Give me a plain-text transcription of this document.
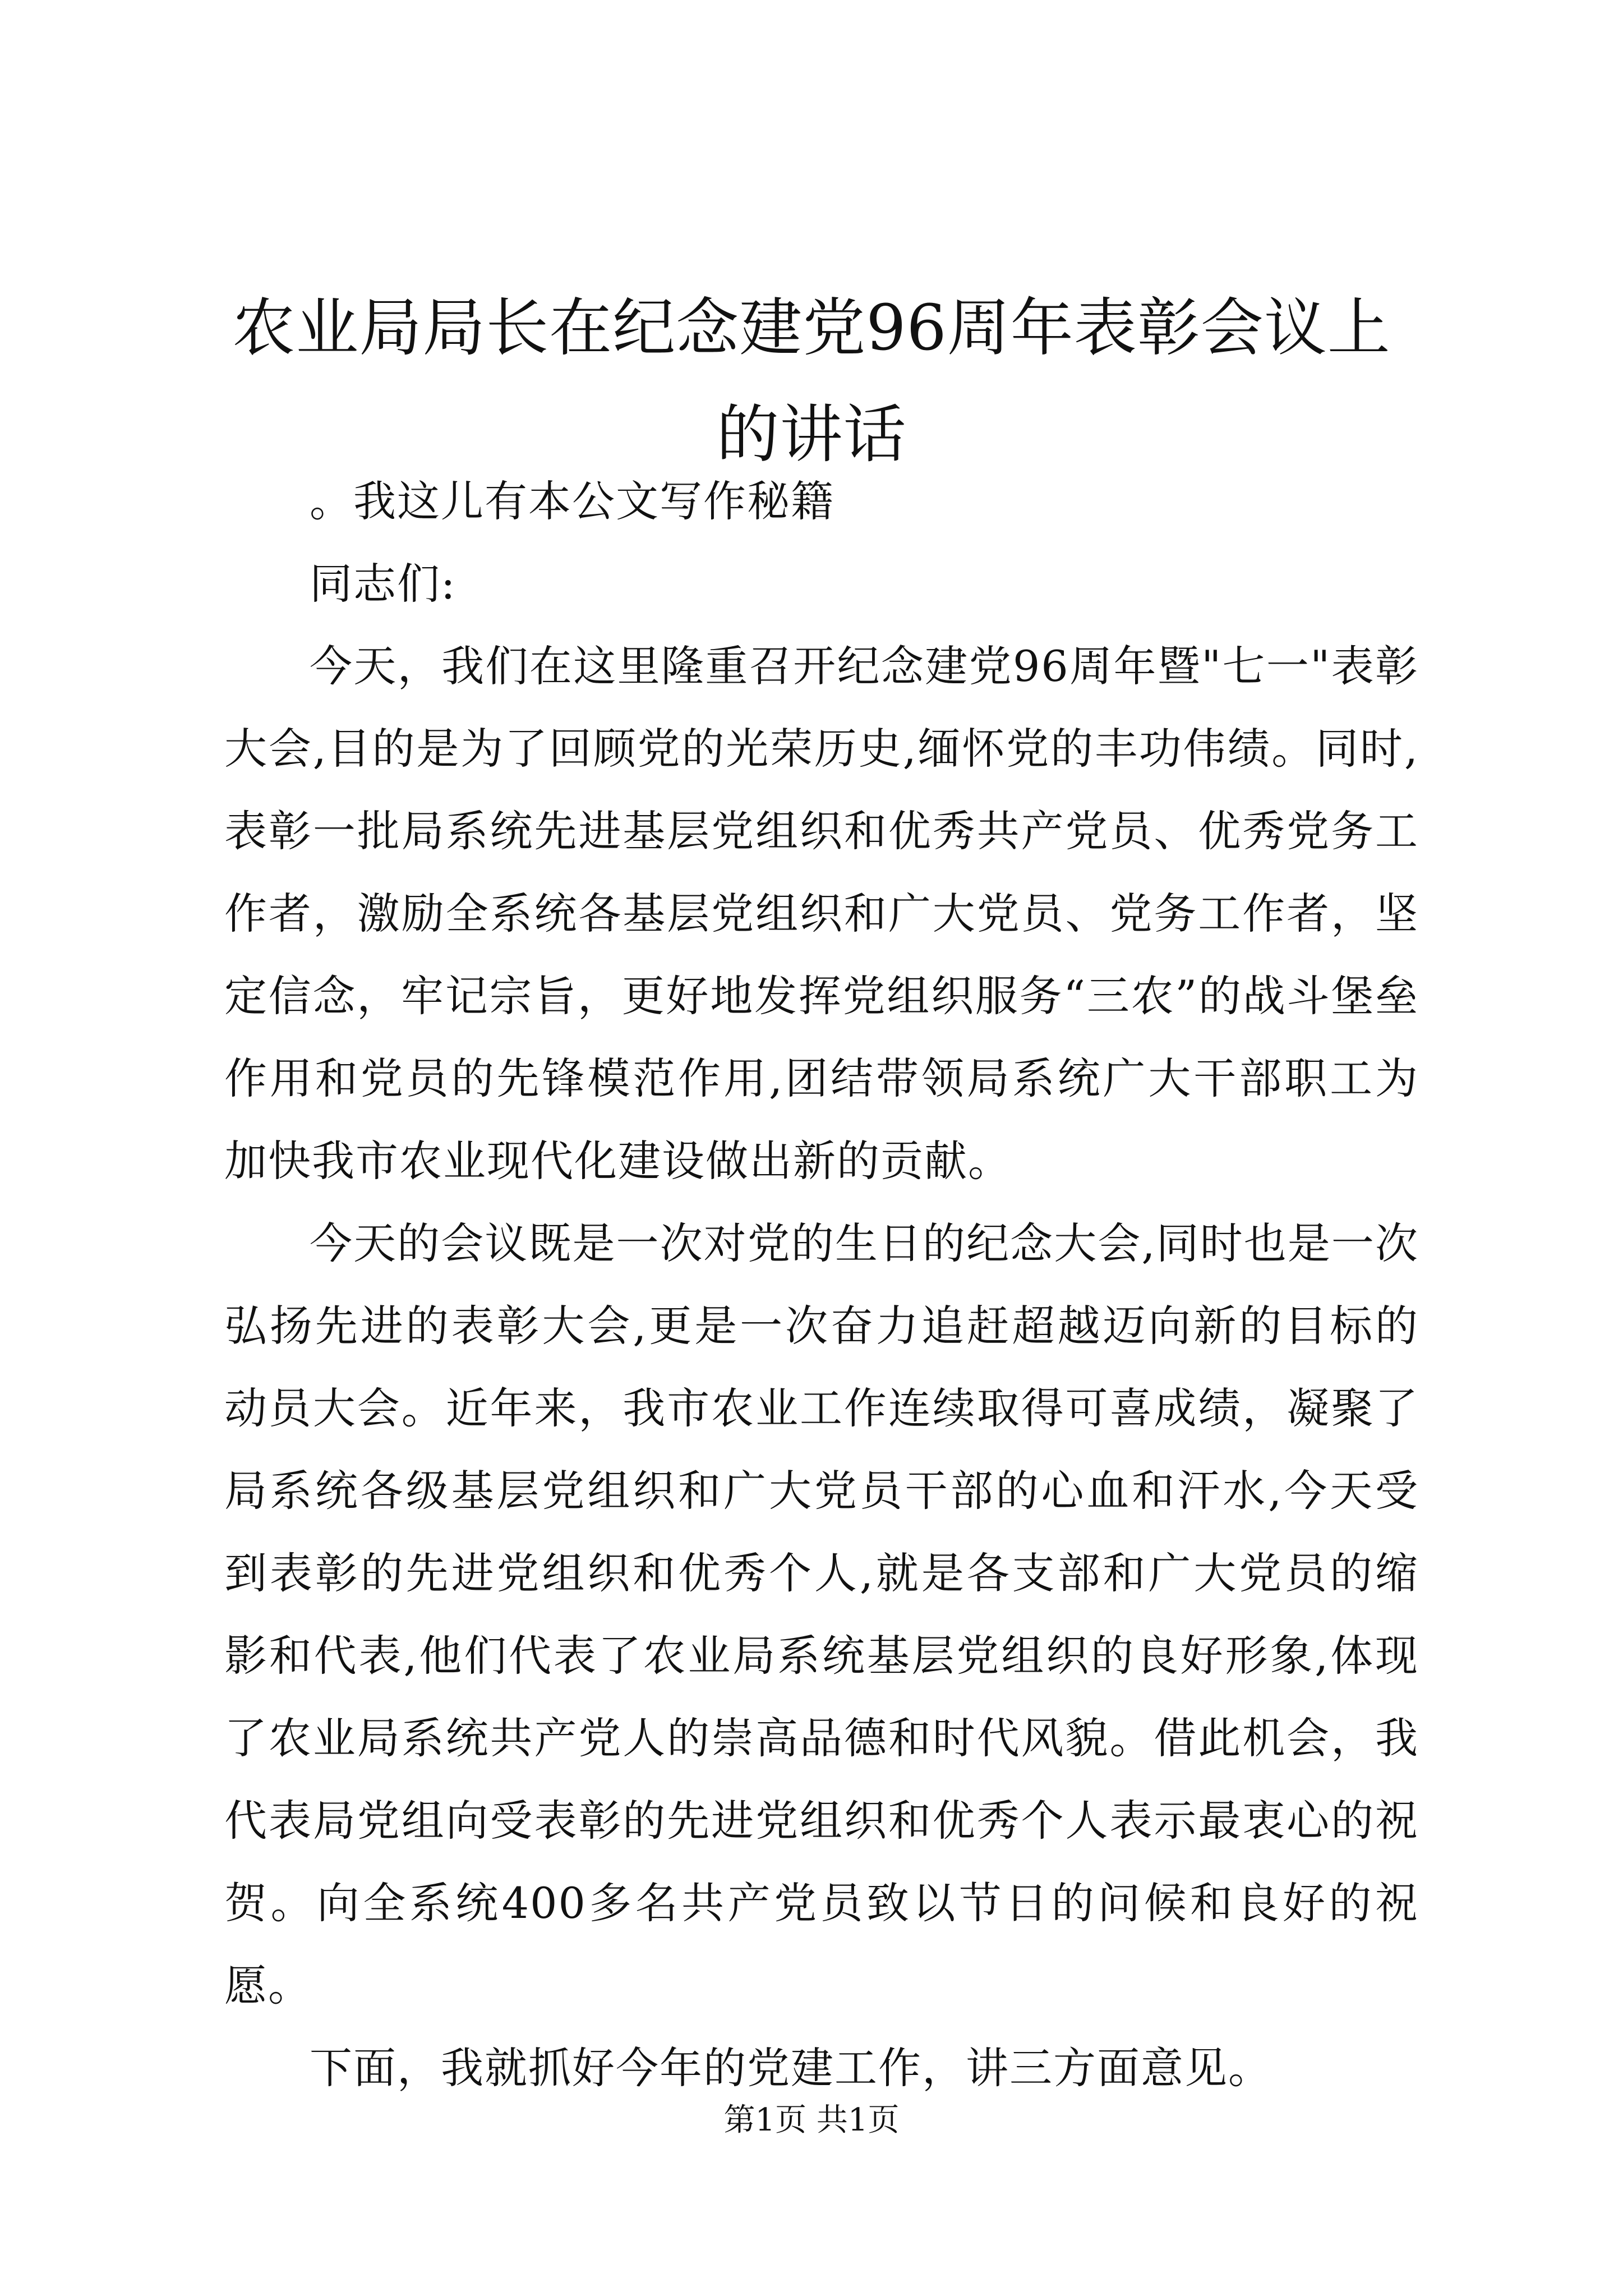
农业局局长在纪念建党96周年表彰会议上的讲话

。我这儿有本公文写作秘籍

同志们:

今天，我们在这里隆重召开纪念建党96周年暨"七一"表彰大会,目的是为了回顾党的光荣历史,缅怀党的丰功伟绩。同时,表彰一批局系统先进基层党组织和优秀共产党员、优秀党务工作者，激励全系统各基层党组织和广大党员、党务工作者，坚定信念，牢记宗旨，更好地发挥党组织服务“三农”的战斗堡垒作用和党员的先锋模范作用,团结带领局系统广大干部职工为加快我市农业现代化建设做出新的贡献。

今天的会议既是一次对党的生日的纪念大会,同时也是一次弘扬先进的表彰大会,更是一次奋力追赶超越迈向新的目标的动员大会。近年来，我市农业工作连续取得可喜成绩，凝聚了局系统各级基层党组织和广大党员干部的心血和汗水,今天受到表彰的先进党组织和优秀个人,就是各支部和广大党员的缩影和代表,他们代表了农业局系统基层党组织的良好形象,体现了农业局系统共产党人的崇高品德和时代风貌。借此机会，我代表局党组向受表彰的先进党组织和优秀个人表示最衷心的祝贺。向全系统400多名共产党员致以节日的问候和良好的祝愿。

下面，我就抓好今年的党建工作，讲三方面意见。

第1页 共1页
